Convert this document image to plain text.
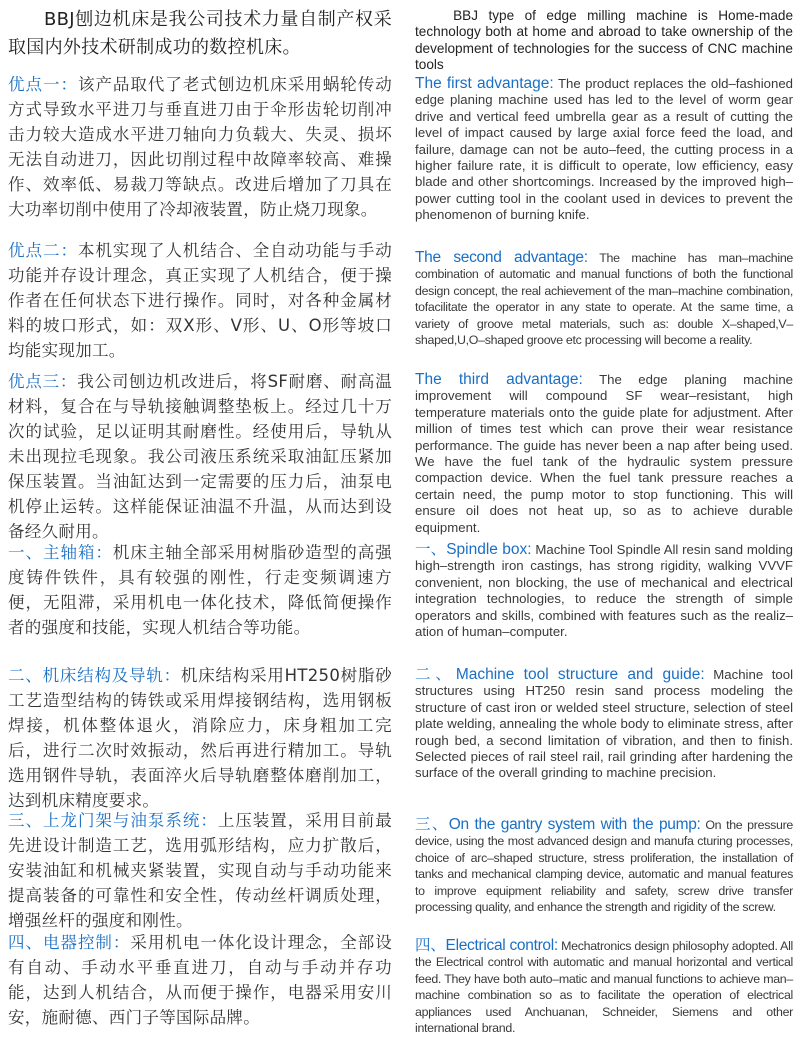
BBJ刨边机床是我公司技术力量自制产权采取国内外技术研制成功的数控机床。
优点一：该产品取代了老式刨边机床采用蜗轮传动方式导致水平进刀与垂直进刀由于伞形齿轮切削冲击力较大造成水平进刀轴向力负载大、失灵、损坏无法自动进刀，因此切削过程中故障率较高、难操作、效率低、易裁刀等缺点。改进后增加了刀具在大功率切削中使用了冷却液装置，防止烧刀现象。
优点二：本机实现了人机结合、全自动功能与手动功能并存设计理念，真正实现了人机结合，便于操作者在任何状态下进行操作。同时，对各种金属材料的坡口形式，如：双X形、V形、U、O形等坡口均能实现加工。
优点三：我公司刨边机改进后，将SF耐磨、耐高温材料，复合在与导轨接触调整垫板上。经过几十万次的试验，足以证明其耐磨性。经使用后，导轨从未出现拉毛现象。我公司液压系统采取油缸压紧加保压装置。当油缸达到一定需要的压力后，油泵电机停止运转。这样能保证油温不升温，从而达到设备经久耐用。
一、主轴箱：机床主轴全部采用树脂砂造型的高强度铸件铁件，具有较强的刚性，行走变频调速方便，无阻滞，采用机电一体化技术，降低简便操作者的强度和技能，实现人机结合等功能。
二、机床结构及导轨：机床结构采用HT250树脂砂工艺造型结构的铸铁或采用焊接钢结构，选用钢板焊接，机体整体退火，消除应力，床身粗加工完后，进行二次时效振动，然后再进行精加工。导轨选用钢件导轨，表面淬火后导轨磨整体磨削加工，达到机床精度要求。
三、上龙门架与油泵系统：上压装置，采用目前最先进设计制造工艺，选用弧形结构，应力扩散后，安装油缸和机械夹紧装置，实现自动与手动功能来提高装备的可靠性和安全性，传动丝杆调质处理，增强丝杆的强度和刚性。
四、电器控制：采用机电一体化设计理念，全部设有自动、手动水平垂直进刀，自动与手动并存功能，达到人机结合，从而便于操作，电器采用安川安，施耐德、西门子等国际品牌。
BBJ type of edge milling machine is Home-made technology both at home and abroad to take ownership of the development of technologies for the success of CNC machine tools
The first advantage: The product replaces the old–fashioned edge planing machine used has led to the level of worm gear drive and vertical feed umbrella gear as a result of cutting the level of impact caused by large axial force feed the load, and failure, damage can not be auto–feed, the cutting process in a higher failure rate, it is difficult to operate, low efficiency, easy blade and other shortcomings. Increased by the improved high–power cutting tool in the coolant used in devices to prevent the phenomenon of burning knife.
The second advantage: The machine has man–machine combination of automatic and manual functions of both the functional design concept, the real achievement of the man–machine combination, tofacilitate the operator in any state to operate. At the same time, a variety of groove metal materials, such as: double X–shaped,V–shaped,U,O–shaped groove etc processing will become a reality.
The third advantage: The edge planing machine improvement will compound SF wear–resistant, high temperature materials onto the guide plate for adjustment. After million of times test which can prove their wear resistance performance. The guide has never been a nap after being used. We have the fuel tank of the hydraulic system pressure compaction device. When the fuel tank pressure reaches a certain need, the pump motor to stop functioning. This will ensure oil does not heat up, so as to achieve durable equipment.
一、Spindle box: Machine Tool Spindle All resin sand molding high–strength iron castings, has strong rigidity, walking VVVF convenient, non blocking, the use of mechanical and electrical integration technologies, to reduce the strength of simple operators and skills, combined with features such as the realiz–ation of human–computer.
二、Machine tool structure and guide: Machine tool structures using HT250 resin sand process modeling the structure of cast iron or welded steel structure, selection of steel plate welding, annealing the whole body to eliminate stress, after rough bed, a second limitation of vibration, and then to finish. Selected pieces of rail steel rail, rail grinding after hardening the surface of the overall grinding to machine precision.
三、On the gantry system with the pump: On the pressure device, using the most advanced design and manufa cturing processes, choice of arc–shaped structure, stress proliferation, the installation of tanks and mechanical clamping device, automatic and manual features to improve equipment reliability and safety, screw drive transfer processing quality, and enhance the strength and rigidity of the screw.
四、Electrical control: Mechatronics design philosophy adopted. All the Electrical control with automatic and manual horizontal and vertical feed. They have both auto–matic and manual functions to achieve man–machine combination so as to facilitate the operation of electrical appliances used Anchuanan, Schneider, Siemens and other international brand.
